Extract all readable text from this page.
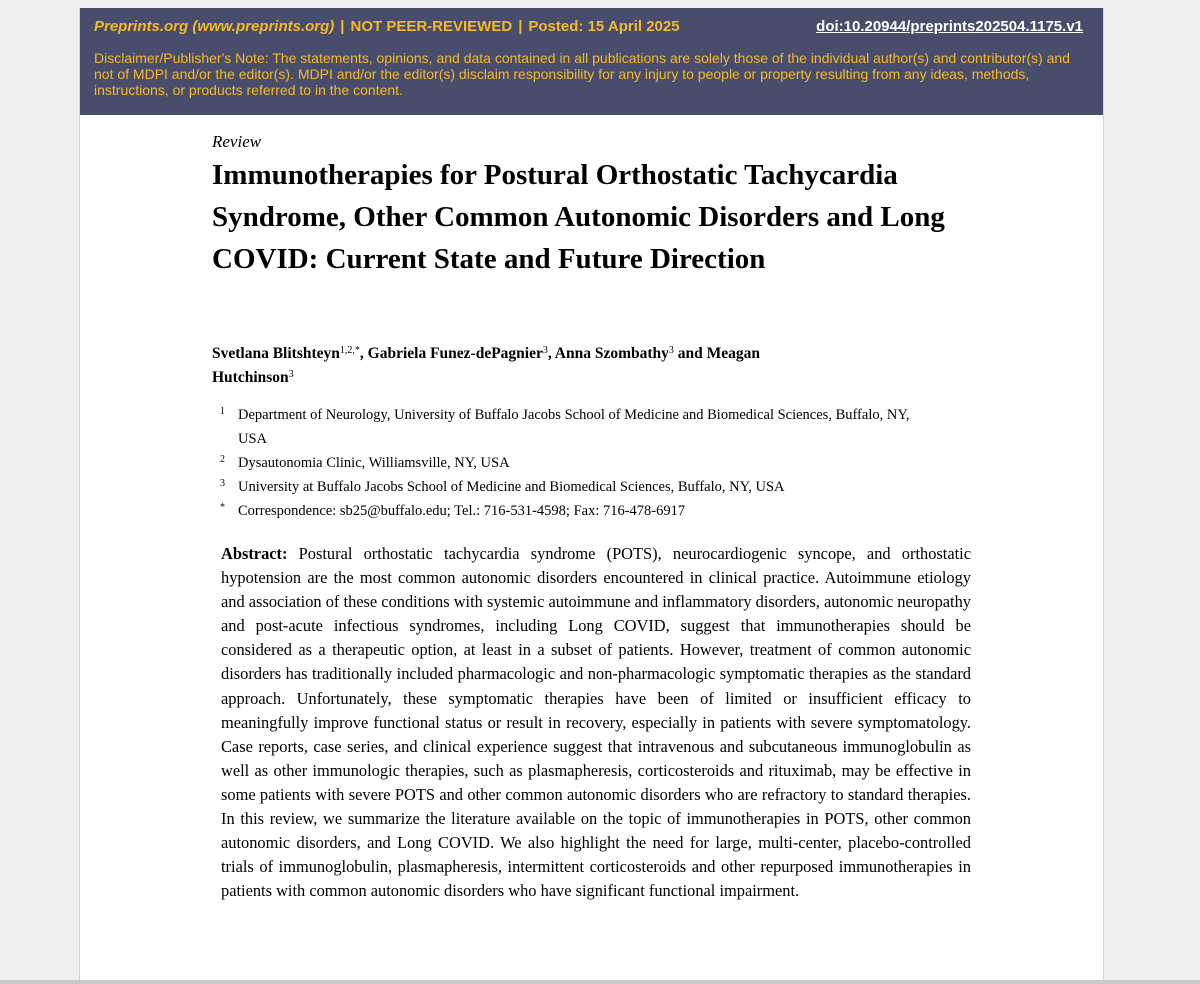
Preprints.org (www.preprints.org) | NOT PEER-REVIEWED | Posted: 15 April 2025	doi:10.20944/preprints202504.1175.v1
Disclaimer/Publisher's Note: The statements, opinions, and data contained in all publications are solely those of the individual author(s) and contributor(s) and not of MDPI and/or the editor(s). MDPI and/or the editor(s) disclaim responsibility for any injury to people or property resulting from any ideas, methods, instructions, or products referred to in the content.
Review
Immunotherapies for Postural Orthostatic Tachycardia Syndrome, Other Common Autonomic Disorders and Long COVID: Current State and Future Direction
Svetlana Blitshteyn$^{1,2,*}$, Gabriela Funez-dePagnier$^3$, Anna Szombathy$^3$ and Meagan Hutchinson$^3$
1 Department of Neurology, University of Buffalo Jacobs School of Medicine and Biomedical Sciences, Buffalo, NY, USA
2 Dysautonomia Clinic, Williamsville, NY, USA
3 University at Buffalo Jacobs School of Medicine and Biomedical Sciences, Buffalo, NY, USA
* Correspondence: sb25@buffalo.edu; Tel.: 716-531-4598; Fax: 716-478-6917

Abstract: Postural orthostatic tachycardia syndrome (POTS), neurocardiogenic syncope, and orthostatic hypotension are the most common autonomic disorders encountered in clinical practice. Autoimmune etiology and association of these conditions with systemic autoimmune and inflammatory disorders, autonomic neuropathy and post-acute infectious syndromes, including Long COVID, suggest that immunotherapies should be considered as a therapeutic option, at least in a subset of patients. However, treatment of common autonomic disorders has traditionally included pharmacologic and non-pharmacologic symptomatic therapies as the standard approach. Unfortunately, these symptomatic therapies have been of limited or insufficient efficacy to meaningfully improve functional status or result in recovery, especially in patients with severe symptomatology. Case reports, case series, and clinical experience suggest that intravenous and subcutaneous immunoglobulin as well as other immunologic therapies, such as plasmapheresis, corticosteroids and rituximab, may be effective in some patients with severe POTS and other common autonomic disorders who are refractory to standard therapies. In this review, we summarize the literature available on the topic of immunotherapies in POTS, other common autonomic disorders, and Long COVID. We also highlight the need for large, multi-center, placebo-controlled trials of immunoglobulin, plasmapheresis, intermittent corticosteroids and other repurposed immunotherapies in patients with common autonomic disorders who have significant functional impairment.
